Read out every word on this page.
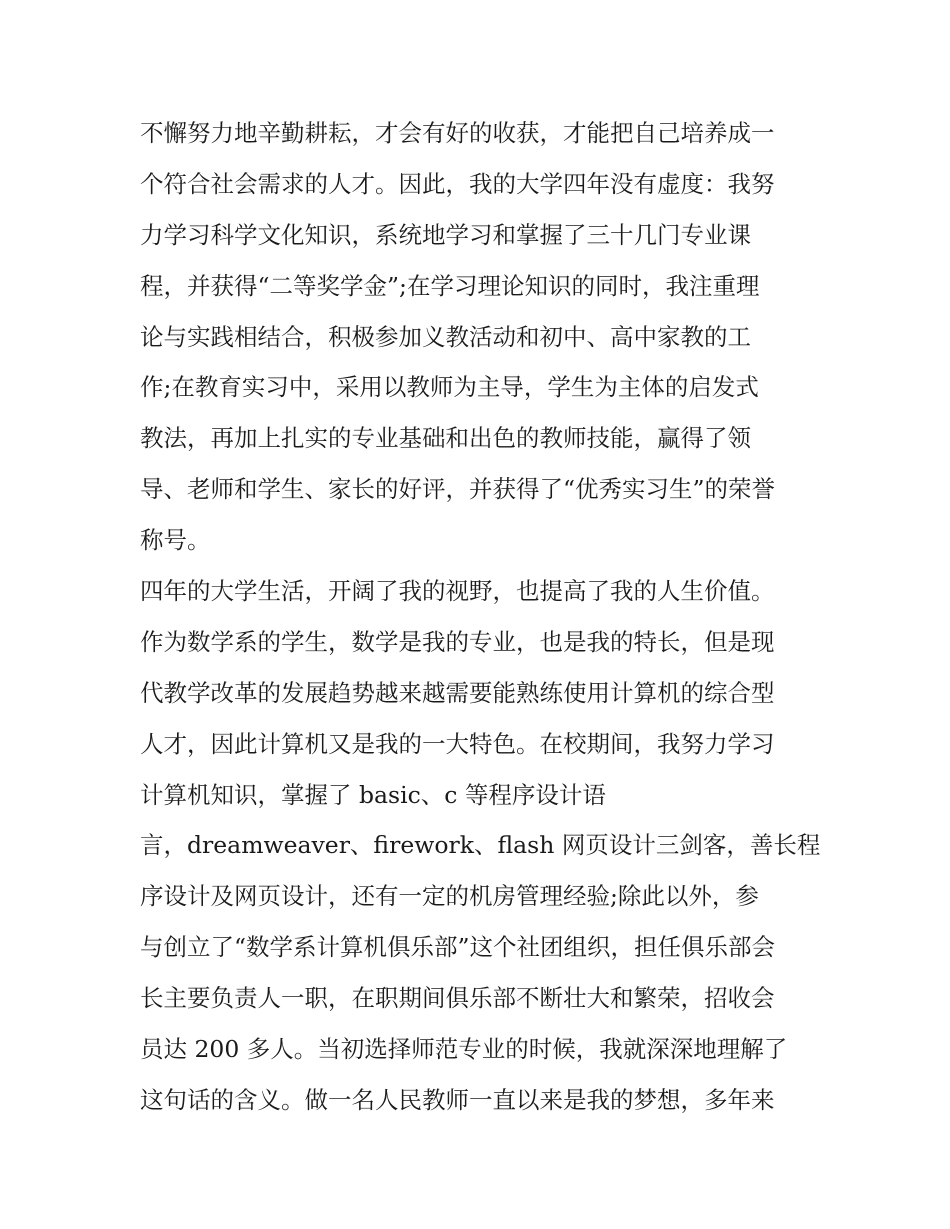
不懈努力地辛勤耕耘，才会有好的收获，才能把自己培养成一
个符合社会需求的人才。因此，我的大学四年没有虚度：我努
力学习科学文化知识，系统地学习和掌握了三十几门专业课
程，并获得“二等奖学金”;在学习理论知识的同时，我注重理
论与实践相结合，积极参加义教活动和初中、高中家教的工
作;在教育实习中，采用以教师为主导，学生为主体的启发式
教法，再加上扎实的专业基础和出色的教师技能，赢得了领
导、老师和学生、家长的好评，并获得了“优秀实习生”的荣誉
称号。
四年的大学生活，开阔了我的视野，也提高了我的人生价值。
作为数学系的学生，数学是我的专业，也是我的特长，但是现
代教学改革的发展趋势越来越需要能熟练使用计算机的综合型
人才，因此计算机又是我的一大特色。在校期间，我努力学习
计算机知识，掌握了 basic、c 等程序设计语
言，dreamweaver、firework、flash 网页设计三剑客，善长程
序设计及网页设计，还有一定的机房管理经验;除此以外，参
与创立了“数学系计算机俱乐部”这个社团组织，担任俱乐部会
长主要负责人一职，在职期间俱乐部不断壮大和繁荣，招收会
员达 200 多人。当初选择师范专业的时候，我就深深地理解了
这句话的含义。做一名人民教师一直以来是我的梦想，多年来
